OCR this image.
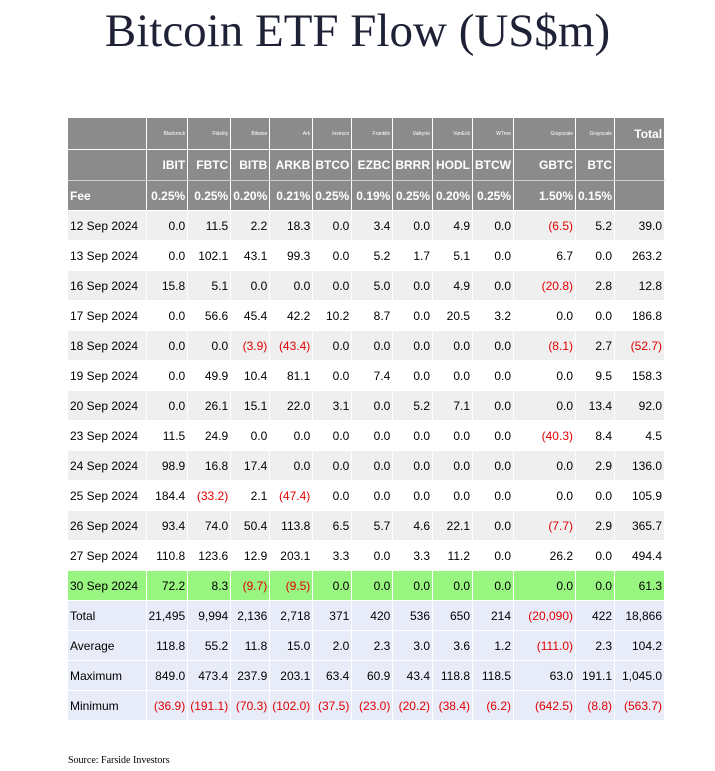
Bitcoin ETF Flow (US$m)
	Blackrock	Fidelity	Bitwise	Ark	Invesco	Franklin	Valkyrie	VanEck	WTree	Grayscale	Grayscale	Total
	IBIT	FBTC	BITB	ARKB	BTCO	EZBC	BRRR	HODL	BTCW	GBTC	BTC	
Fee	0.25%	0.25%	0.20%	0.21%	0.25%	0.19%	0.25%	0.20%	0.25%	1.50%	0.15%	
12 Sep 2024	0.0	11.5	2.2	18.3	0.0	3.4	0.0	4.9	0.0	(6.5)	5.2	39.0
13 Sep 2024	0.0	102.1	43.1	99.3	0.0	5.2	1.7	5.1	0.0	6.7	0.0	263.2
16 Sep 2024	15.8	5.1	0.0	0.0	0.0	5.0	0.0	4.9	0.0	(20.8)	2.8	12.8
17 Sep 2024	0.0	56.6	45.4	42.2	10.2	8.7	0.0	20.5	3.2	0.0	0.0	186.8
18 Sep 2024	0.0	0.0	(3.9)	(43.4)	0.0	0.0	0.0	0.0	0.0	(8.1)	2.7	(52.7)
19 Sep 2024	0.0	49.9	10.4	81.1	0.0	7.4	0.0	0.0	0.0	0.0	9.5	158.3
20 Sep 2024	0.0	26.1	15.1	22.0	3.1	0.0	5.2	7.1	0.0	0.0	13.4	92.0
23 Sep 2024	11.5	24.9	0.0	0.0	0.0	0.0	0.0	0.0	0.0	(40.3)	8.4	4.5
24 Sep 2024	98.9	16.8	17.4	0.0	0.0	0.0	0.0	0.0	0.0	0.0	2.9	136.0
25 Sep 2024	184.4	(33.2)	2.1	(47.4)	0.0	0.0	0.0	0.0	0.0	0.0	0.0	105.9
26 Sep 2024	93.4	74.0	50.4	113.8	6.5	5.7	4.6	22.1	0.0	(7.7)	2.9	365.7
27 Sep 2024	110.8	123.6	12.9	203.1	3.3	0.0	3.3	11.2	0.0	26.2	0.0	494.4
30 Sep 2024	72.2	8.3	(9.7)	(9.5)	0.0	0.0	0.0	0.0	0.0	0.0	0.0	61.3
Total	21,495	9,994	2,136	2,718	371	420	536	650	214	(20,090)	422	18,866
Average	118.8	55.2	11.8	15.0	2.0	2.3	3.0	3.6	1.2	(111.0)	2.3	104.2
Maximum	849.0	473.4	237.9	203.1	63.4	60.9	43.4	118.8	118.5	63.0	191.1	1,045.0
Minimum	(36.9)	(191.1)	(70.3)	(102.0)	(37.5)	(23.0)	(20.2)	(38.4)	(6.2)	(642.5)	(8.8)	(563.7)
Source: Farside Investors
